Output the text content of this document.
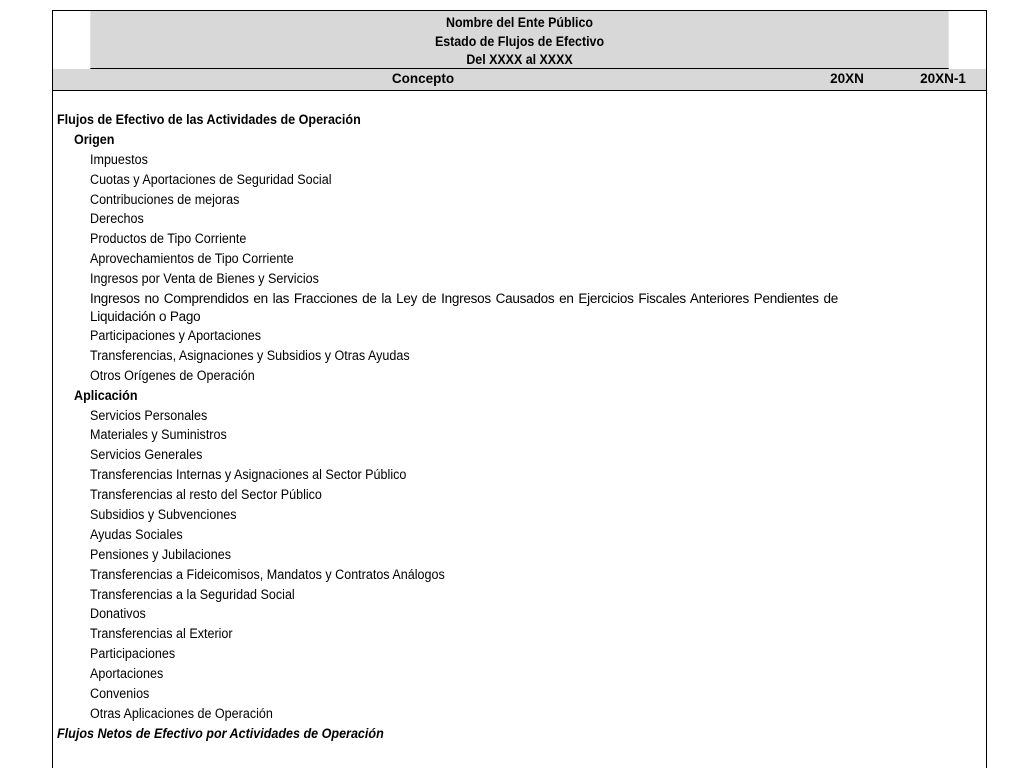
Nombre del Ente Público
Estado de Flujos de Efectivo
Del XXXX al XXXX
Concepto	20XN	20XN-1
Flujos de Efectivo de las Actividades de Operación
Origen
Impuestos
Cuotas y Aportaciones de Seguridad Social
Contribuciones de mejoras
Derechos
Productos de Tipo Corriente
Aprovechamientos de Tipo Corriente
Ingresos por Venta de Bienes y Servicios
Ingresos no Comprendidos en las Fracciones de la Ley de Ingresos Causados en Ejercicios Fiscales Anteriores Pendientes de Liquidación o Pago
Participaciones y Aportaciones
Transferencias, Asignaciones y Subsidios y Otras Ayudas
Otros Orígenes de Operación
Aplicación
Servicios Personales
Materiales y Suministros
Servicios Generales
Transferencias Internas y Asignaciones al Sector Público
Transferencias al resto del Sector Público
Subsidios y Subvenciones
Ayudas Sociales
Pensiones y Jubilaciones
Transferencias a Fideicomisos, Mandatos y Contratos Análogos
Transferencias a la Seguridad Social
Donativos
Transferencias al Exterior
Participaciones
Aportaciones
Convenios
Otras Aplicaciones de Operación
Flujos Netos de Efectivo por Actividades de Operación
